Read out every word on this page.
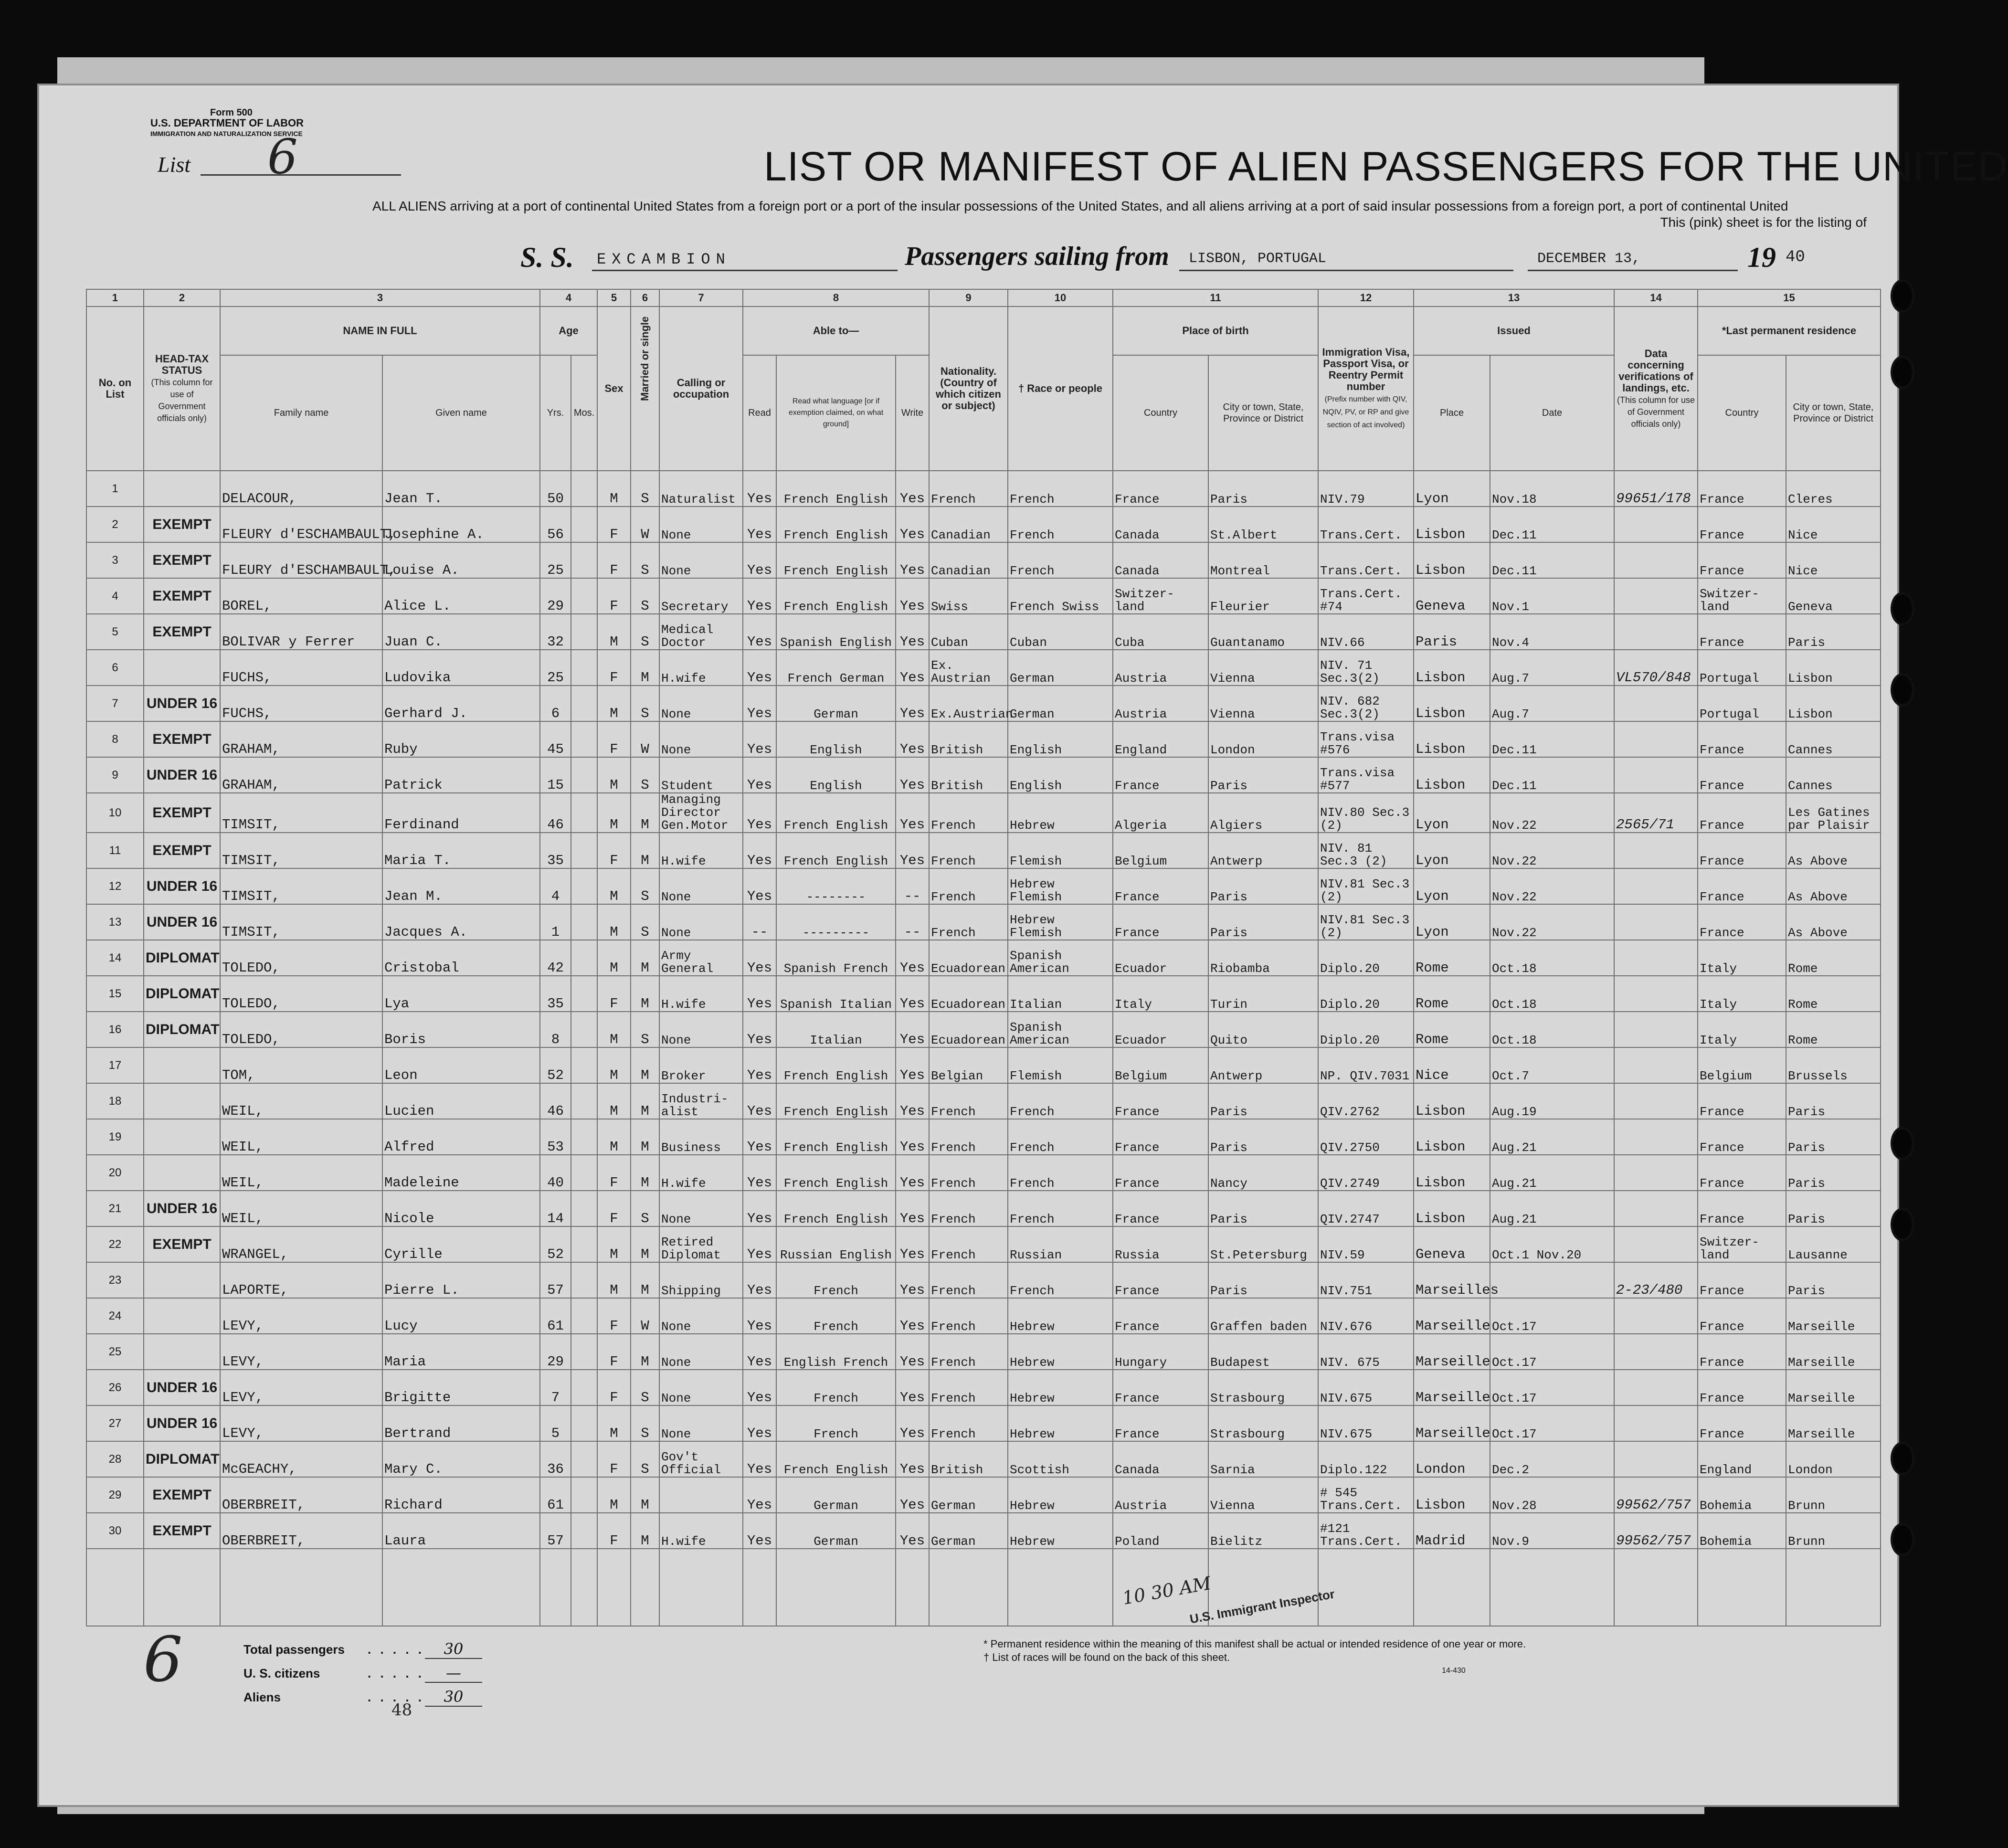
Form 500
U.S. DEPARTMENT OF LABOR
IMMIGRATION AND NATURALIZATION SERVICE
List 6	LIST OR MANIFEST OF ALIEN PASSENGERS FOR THE UNITED
ALL ALIENS arriving at a port of continental United States from a foreign port or a port of the insular possessions of the United States, and all aliens arriving at a port of said insular possessions from a foreign port, a port of continental United
This (pink) sheet is for the listing of
S. S. EXCAMBION	Passengers sailing from LISBON, PORTUGAL	DECEMBER 13,	19 40
1	2	3		4		5	6	7	8			9	10	11		12	13		14	15	
No. on List	HEAD-TAX STATUS
(This column for use of Government officials only)	NAME IN FULL		Age		Sex	Married or single	Calling or occupation	Able to—			Nationality. (Country of which citizen or subject)	† Race or people	Place of birth		Immigration Visa, Passport Visa, or Reentry Permit number
(Prefix number with QIV, NQIV, PV, or RP and give section of act involved)	Issued		Data concerning verifications of landings, etc.
(This column for use of Government officials only)	*Last permanent residence	
		Family name	Given name	Yrs.	Mos.				Read	Read what language [or if exemption claimed, on what ground]	Write			Country	City or town, State, Province or District		Place	Date		Country	City or town, State, Province or District
1		DELACOUR,	Jean T.	50		M	S	Naturalist	Yes	French English	Yes	French	French	France	Paris	NIV.79	Lyon	Nov.18	99651/178	France	Cleres
2	EXEMPT	FLEURY d'ESCHAMBAULT,	Josephine A.	56		F	W	None	Yes	French English	Yes	Canadian	French	Canada	St.Albert	Trans.Cert.	Lisbon	Dec.11		France	Nice
3	EXEMPT	FLEURY d'ESCHAMBAULT,	Louise A.	25		F	S	None	Yes	French English	Yes	Canadian	French	Canada	Montreal	Trans.Cert.	Lisbon	Dec.11		France	Nice
4	EXEMPT	BOREL,	Alice L.	29		F	S	Secretary	Yes	French English	Yes	Swiss	French Swiss	Switzer- land	Fleurier	Trans.Cert. #74	Geneva	Nov.1		Switzer- land	Geneva
5	EXEMPT	BOLIVAR y Ferrer	Juan C.	32		M	S	Medical Doctor	Yes	Spanish English	Yes	Cuban	Cuban	Cuba	Guantanamo	NIV.66	Paris	Nov.4		France	Paris
6		FUCHS,	Ludovika	25		F	M	H.wife	Yes	French German	Yes	Ex. Austrian	German	Austria	Vienna	NIV. 71 Sec.3(2)	Lisbon	Aug.7	VL570/848	Portugal	Lisbon
7	UNDER 16	FUCHS,	Gerhard J.	6		M	S	None	Yes	German	Yes	Ex.Austrian	German	Austria	Vienna	NIV. 682 Sec.3(2)	Lisbon	Aug.7		Portugal	Lisbon
8	EXEMPT	GRAHAM,	Ruby	45		F	W	None	Yes	English	Yes	British	English	England	London	Trans.visa #576	Lisbon	Dec.11		France	Cannes
9	UNDER 16	GRAHAM,	Patrick	15		M	S	Student	Yes	English	Yes	British	English	France	Paris	Trans.visa #577	Lisbon	Dec.11		France	Cannes
10	EXEMPT	TIMSIT,	Ferdinand	46		M	M	Managing Director Gen.Motor	Yes	French English	Yes	French	Hebrew	Algeria	Algiers	NIV.80 Sec.3 (2)	Lyon	Nov.22	2565/71	France	Les Gatines par Plaisir
11	EXEMPT	TIMSIT,	Maria T.	35		F	M	H.wife	Yes	French English	Yes	French	Flemish	Belgium	Antwerp	NIV. 81 Sec.3 (2)	Lyon	Nov.22		France	As Above
12	UNDER 16	TIMSIT,	Jean M.	4		M	S	None	Yes	--------	--	French	Hebrew Flemish	France	Paris	NIV.81 Sec.3 (2)	Lyon	Nov.22		France	As Above
13	UNDER 16	TIMSIT,	Jacques A.	1		M	S	None	--	---------	--	French	Hebrew Flemish	France	Paris	NIV.81 Sec.3 (2)	Lyon	Nov.22		France	As Above
14	DIPLOMAT	TOLEDO,	Cristobal	42		M	M	Army General	Yes	Spanish French	Yes	Ecuadorean	Spanish American	Ecuador	Riobamba	Diplo.20	Rome	Oct.18		Italy	Rome
15	DIPLOMAT	TOLEDO,	Lya	35		F	M	H.wife	Yes	Spanish Italian	Yes	Ecuadorean	Italian	Italy	Turin	Diplo.20	Rome	Oct.18		Italy	Rome
16	DIPLOMAT	TOLEDO,	Boris	8		M	S	None	Yes	Italian	Yes	Ecuadorean	Spanish American	Ecuador	Quito	Diplo.20	Rome	Oct.18		Italy	Rome
17		TOM,	Leon	52		M	M	Broker	Yes	French English	Yes	Belgian	Flemish	Belgium	Antwerp	NP. QIV.7031	Nice	Oct.7		Belgium	Brussels
18		WEIL,	Lucien	46		M	M	Industri- alist	Yes	French English	Yes	French	French	France	Paris	QIV.2762	Lisbon	Aug.19		France	Paris
19		WEIL,	Alfred	53		M	M	Business	Yes	French English	Yes	French	French	France	Paris	QIV.2750	Lisbon	Aug.21		France	Paris
20		WEIL,	Madeleine	40		F	M	H.wife	Yes	French English	Yes	French	French	France	Nancy	QIV.2749	Lisbon	Aug.21		France	Paris
21	UNDER 16	WEIL,	Nicole	14		F	S	None	Yes	French English	Yes	French	French	France	Paris	QIV.2747	Lisbon	Aug.21		France	Paris
22	EXEMPT	WRANGEL,	Cyrille	52		M	M	Retired Diplomat	Yes	Russian English	Yes	French	Russian	Russia	St.Petersburg	NIV.59	Geneva	Oct.1 Nov.20		Switzer- land	Lausanne
23		LAPORTE,	Pierre L.	57		M	M	Shipping	Yes	French	Yes	French	French	France	Paris	NIV.751	Marseilles		2-23/480	France	Paris
24		LEVY,	Lucy	61		F	W	None	Yes	French	Yes	French	Hebrew	France	Graffen baden	NIV.676	Marseille	Oct.17		France	Marseille
25		LEVY,	Maria	29		F	M	None	Yes	English French	Yes	French	Hebrew	Hungary	Budapest	NIV. 675	Marseille	Oct.17		France	Marseille
26	UNDER 16	LEVY,	Brigitte	7		F	S	None	Yes	French	Yes	French	Hebrew	France	Strasbourg	NIV.675	Marseille	Oct.17		France	Marseille
27	UNDER 16	LEVY,	Bertrand	5		M	S	None	Yes	French	Yes	French	Hebrew	France	Strasbourg	NIV.675	Marseille	Oct.17		France	Marseille
28	DIPLOMAT	McGEACHY,	Mary C.	36		F	S	Gov't Official	Yes	French English	Yes	British	Scottish	Canada	Sarnia	Diplo.122	London	Dec.2		England	London
29	EXEMPT	OBERBREIT,	Richard	61		M	M		Yes	German	Yes	German	Hebrew	Austria	Vienna	# 545 Trans.Cert.	Lisbon	Nov.28	99562/757	Bohemia	Brunn
30	EXEMPT	OBERBREIT,	Laura	57		F	M	H.wife	Yes	German	Yes	German	Hebrew	Poland	Bielitz	#121 Trans.Cert.	Madrid	Nov.9	99562/757	Bohemia	Brunn

6	Total passengers	. . . . .	30
U. S. citizens	. . . . .	—
Aliens	. . . . .	30
* Permanent residence within the meaning of this manifest shall be actual or intended residence of one year or more.
† List of races will be found on the back of this sheet.
14-430
10 30 AM
U.S. Immigrant Inspector
48
